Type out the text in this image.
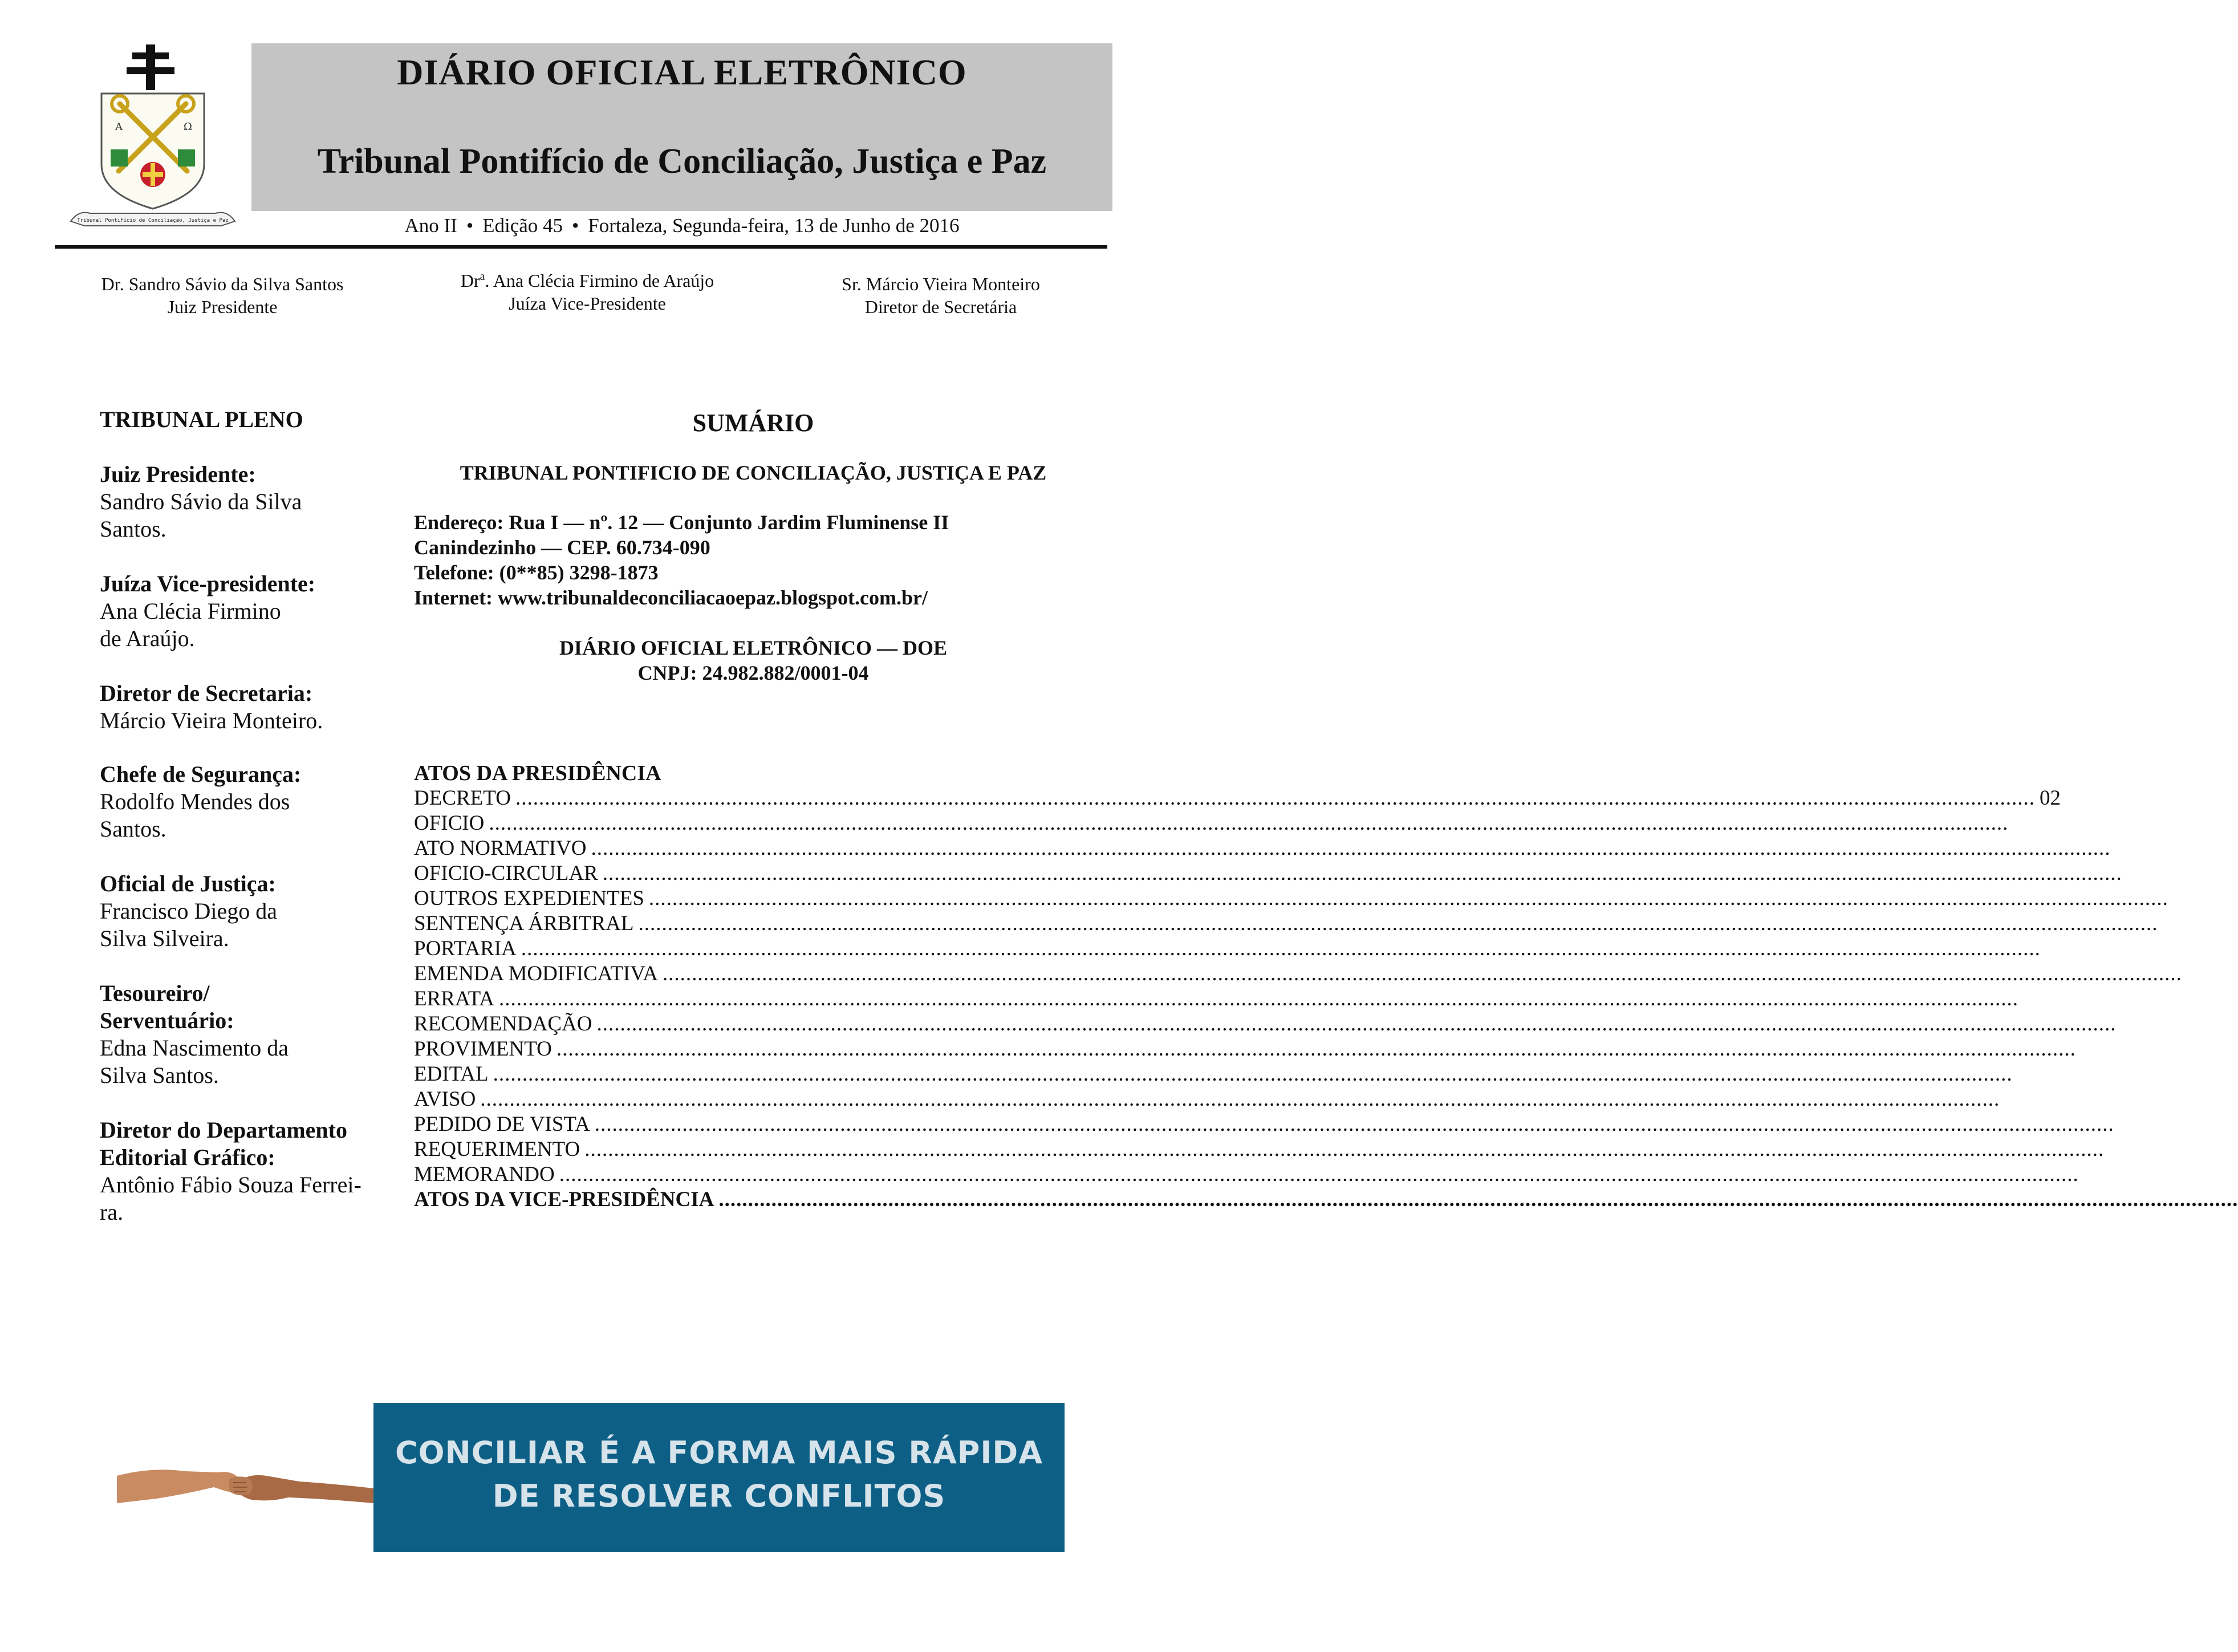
A	Ω
Tribunal Pontifício de Conciliação, Justiça e Paz
DIÁRIO OFICIAL ELETRÔNICO
Tribunal Pontifício de Conciliação, Justiça e Paz
Ano II • Edição 45 • Fortaleza, Segunda-feira, 13 de Junho de 2016
Dr. Sandro Sávio da Silva Santos
Juiz Presidente
Dr$^a$. Ana Clécia Firmino de Araújo
Juíza Vice-Presidente
Sr. Márcio Vieira Monteiro
Diretor de Secretária
TRIBUNAL PLENO
Juiz Presidente:
Sandro Sávio da Silva
Santos.
Juíza Vice-presidente:
Ana Clécia Firmino
de Araújo.
Diretor de Secretaria:
Márcio Vieira Monteiro.
Chefe de Segurança:
Rodolfo Mendes dos
Santos.
Oficial de Justiça:
Francisco Diego da
Silva Silveira.
Tesoureiro/
Serventuário:
Edna Nascimento da
Silva Santos.
Diretor do Departamento
Editorial Gráfico:
Antônio Fábio Souza Ferrei-
ra.
SUMÁRIO
TRIBUNAL PONTIFICIO DE CONCILIAÇÃO, JUSTIÇA E PAZ
Endereço: Rua I — nº. 12 — Conjunto Jardim Fluminense II
Canindezinho — CEP. 60.734-090
Telefone: (0**85) 3298-1873
Internet: www.tribunaldeconciliacaoepaz.blogspot.com.br/
DIÁRIO OFICIAL ELETRÔNICO — DOE
CNPJ: 24.982.882/0001-04
ATOS DA PRESIDÊNCIA
DECRETO .................................................................................................................................................................................................................................................................... 02
OFICIO ....................................................................................................................................................................................................................................................................
ATO NORMATIVO ....................................................................................................................................................................................................................................................................
OFICIO-CIRCULAR ....................................................................................................................................................................................................................................................................
OUTROS EXPEDIENTES ....................................................................................................................................................................................................................................................................
SENTENÇA ÁRBITRAL ....................................................................................................................................................................................................................................................................
PORTARIA ....................................................................................................................................................................................................................................................................
EMENDA MODIFICATIVA ....................................................................................................................................................................................................................................................................
ERRATA ....................................................................................................................................................................................................................................................................
RECOMENDAÇÃO ....................................................................................................................................................................................................................................................................
PROVIMENTO ....................................................................................................................................................................................................................................................................
EDITAL ....................................................................................................................................................................................................................................................................
AVISO ....................................................................................................................................................................................................................................................................
PEDIDO DE VISTA ....................................................................................................................................................................................................................................................................
REQUERIMENTO ....................................................................................................................................................................................................................................................................
MEMORANDO ....................................................................................................................................................................................................................................................................
ATOS DA VICE-PRESIDÊNCIA ....................................................................................................................................................................................................................................................................
CONCILIAR É A FORMA MAIS RÁPIDA
DE RESOLVER CONFLITOS
